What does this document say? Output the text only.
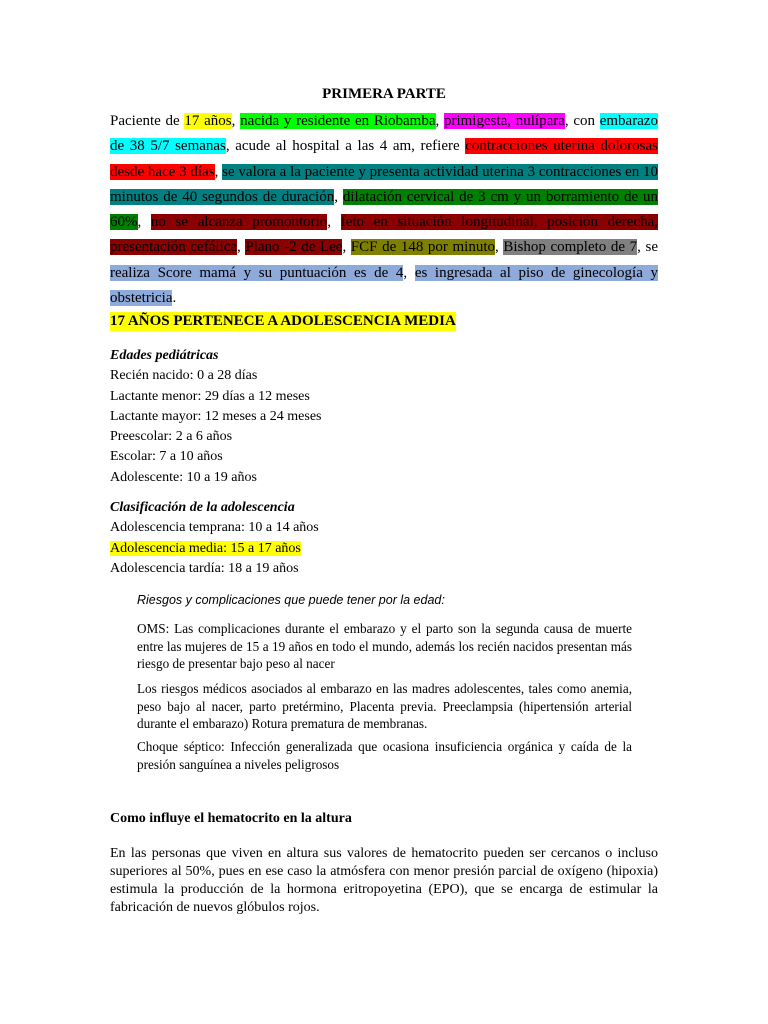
PRIMERA PARTE
Paciente de 17 años, nacida y residente en Riobamba, primigesta, nulípara, con embarazo de 38 5/7 semanas, acude al hospital a las 4 am, refiere contracciones uterina dolorosas desde hace 3 días, se valora a la paciente y presenta actividad uterina 3 contracciones en 10 minutos de 40 segundos de duración, dilatación cervical de 3 cm y un borramiento de un 60%, no se alcanza promontorio, feto en situación longitudinal, posición derecha, presentación cefálica, Plano -2 de Lee, FCF de 148 por minuto, Bishop completo de 7, se realiza Score mamá y su puntuación es de 4, es ingresada al piso de ginecología y obstetricia.
17 AÑOS PERTENECE A ADOLESCENCIA MEDIA
Edades pediátricas
Recién nacido: 0 a 28 días
Lactante menor: 29 días a 12 meses
Lactante mayor: 12 meses a 24 meses
Preescolar: 2 a 6 años
Escolar: 7 a 10 años
Adolescente: 10 a 19 años
Clasificación de la adolescencia
Adolescencia temprana: 10 a 14 años
Adolescencia media: 15 a 17 años
Adolescencia tardía: 18 a 19 años
Riesgos y complicaciones que puede tener por la edad:
OMS: Las complicaciones durante el embarazo y el parto son la segunda causa de muerte entre las mujeres de 15 a 19 años en todo el mundo, además los recién nacidos presentan más riesgo de presentar bajo peso al nacer
Los riesgos médicos asociados al embarazo en las madres adolescentes, tales como anemia, peso bajo al nacer, parto pretérmino, Placenta previa. Preeclampsia (hipertensión arterial durante el embarazo) Rotura prematura de membranas.
Choque séptico: Infección generalizada que ocasiona insuficiencia orgánica y caída de la presión sanguínea a niveles peligrosos
Como influye el hematocrito en la altura
En las personas que viven en altura sus valores de hematocrito pueden ser cercanos o incluso superiores al 50%, pues en ese caso la atmósfera con menor presión parcial de oxígeno (hipoxia) estimula la producción de la hormona eritropoyetina (EPO), que se encarga de estimular la fabricación de nuevos glóbulos rojos.
